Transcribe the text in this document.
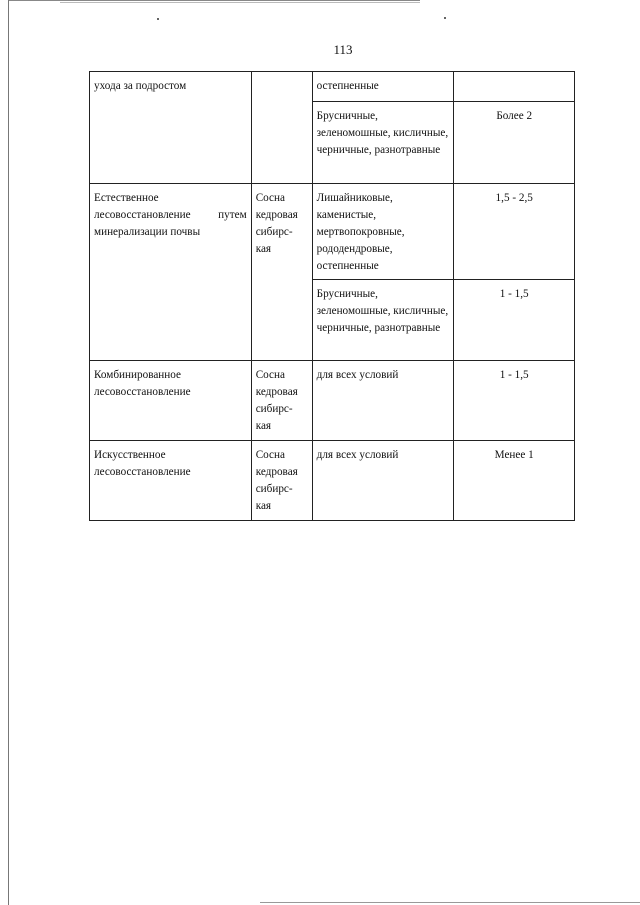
113
ухода за подростом		остепненные	
		Брусничные, зеленомошные, кисличные, черничные, разнотравные	Более 2

Естественное лесовосстановление путем минерализации почвы	Сосна кедровая сибирс-кая	Лишайниковые, каменистые, мертвопокровные, рододендровые, остепненные	1,5 - 2,5
		Брусничные, зеленомошные, кисличные, черничные, разнотравные	1 - 1,5
Комбинированное лесовосстановление	Сосна кедровая сибирс-кая	для всех условий	1 - 1,5
Искусственное лесовосстановление	Сосна кедровая сибирс-кая	для всех условий	Менее 1
